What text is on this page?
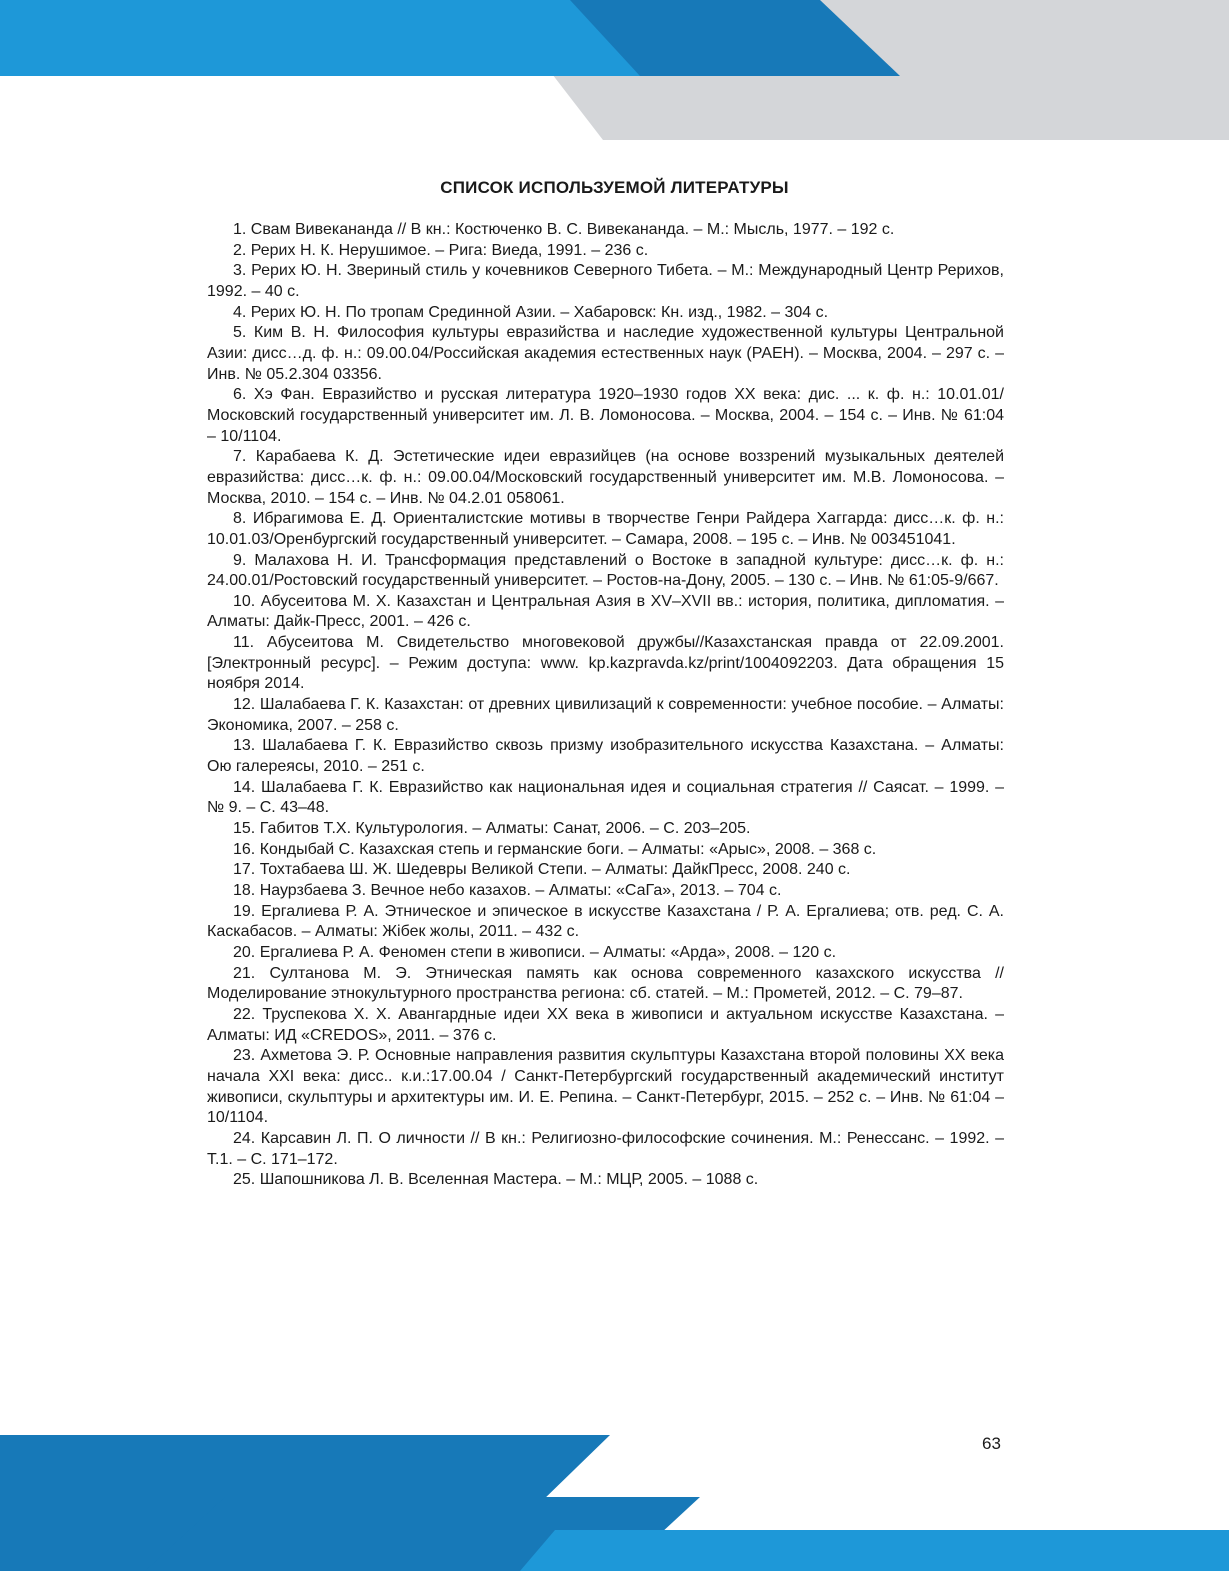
СПИСОК ИСПОЛЬЗУЕМОЙ ЛИТЕРАТУРЫ
1. Свам Вивекананда // В кн.: Костюченко В. С. Вивекананда. – М.: Мысль, 1977. – 192 с.
2. Рерих Н. К. Нерушимое. – Рига: Виеда, 1991. – 236 с.
3. Рерих Ю. Н. Звериный стиль у кочевников Северного Тибета. – М.: Международный Центр Рерихов, 1992. – 40 с.
4. Рерих Ю. Н. По тропам Срединной Азии. – Хабаровск: Кн. изд., 1982. – 304 с.
5. Ким В. Н. Философия культуры евразийства и наследие художественной культуры Центральной Азии: дисс…д. ф. н.: 09.00.04/Российская академия естественных наук (РАЕН). – Москва, 2004. – 297 с. – Инв. № 05.2.304 03356.
6. Хэ Фан. Евразийство и русская литература 1920–1930 годов XX века: дис. ... к. ф. н.: 10.01.01/Московский государственный университет им. Л. В. Ломоносова. – Москва, 2004. – 154 с. – Инв. № 61:04 – 10/1104.
7. Карабаева К. Д. Эстетические идеи евразийцев (на основе воззрений музыкальных деятелей евразийства: дисс…к. ф. н.: 09.00.04/Московский государственный университет им. М.В. Ломоносова. – Москва, 2010. – 154 с. – Инв. № 04.2.01 058061.
8. Ибрагимова Е. Д. Ориенталистские мотивы в творчестве Генри Райдера Хаггарда: дисс…к. ф. н.: 10.01.03/Оренбургский государственный университет. – Самара, 2008. – 195 с. – Инв. № 003451041.
9. Малахова Н. И. Трансформация представлений о Востоке в западной культуре: дисс…к. ф. н.: 24.00.01/Ростовский государственный университет. – Ростов-на-Дону, 2005. – 130 с. – Инв. № 61:05-9/667.
10. Абусеитова М. Х. Казахстан и Центральная Азия в XV–XVII вв.: история, политика, дипломатия. – Алматы: Дайк-Пресс, 2001. – 426 с.
11. Абусеитова М. Свидетельство многовековой дружбы//Казахстанская правда от 22.09.2001. [Электронный ресурс]. – Режим доступа: www. kp.kazpravda.kz/print/1004092203. Дата обращения 15 ноября 2014.
12. Шалабаева Г. К. Казахстан: от древних цивилизаций к современности: учебное пособие. – Алматы: Экономика, 2007. – 258 с.
13. Шалабаева Г. К. Евразийство сквозь призму изобразительного искусства Казахстана. – Алматы: Ою галереясы, 2010. – 251 с.
14. Шалабаева Г. К. Евразийство как национальная идея и социальная стратегия // Саясат. – 1999. – № 9. – С. 43–48.
15. Габитов Т.Х. Культурология. – Алматы: Санат, 2006. – С. 203–205.
16. Кондыбай С. Казахская степь и германские боги. – Алматы: «Арыс», 2008. – 368 с.
17. Тохтабаева Ш. Ж. Шедевры Великой Степи. – Алматы: ДайкПресс, 2008. 240 с.
18. Наурзбаева З. Вечное небо казахов. – Алматы: «СаГа», 2013. – 704 с.
19. Ергалиева Р. А. Этническое и эпическое в искусстве Казахстана / Р. А. Ергалиева; отв. ред. С. А. Каскабасов. – Алматы: Жiбек жолы, 2011. – 432 с.
20. Ергалиева Р. А. Феномен степи в живописи. – Алматы: «Арда», 2008. – 120 с.
21. Султанова М. Э. Этническая память как основа современного казахского искусства // Моделирование этнокультурного пространства региона: сб. статей. – М.: Прометей, 2012. – С. 79–87.
22. Труспекова Х. Х. Авангардные идеи ХХ века в живописи и актуальном искусстве Казахстана. – Алматы: ИД «CREDOS», 2011. – 376 с.
23. Ахметова Э. Р. Основные направления развития скульптуры Казахстана второй половины ХХ века начала ХХI века: дисс.. к.и.:17.00.04 / Санкт-Петербургский государственный академический институт живописи, скульптуры и архитектуры им. И. Е. Репина. – Санкт-Петербург, 2015. – 252 с. – Инв. № 61:04 – 10/1104.
24. Карсавин Л. П. О личности // В кн.: Религиозно-философские сочинения. М.: Ренессанс. – 1992. – Т.1. – С. 171–172.
25. Шапошникова Л. В. Вселенная Мастера. – М.: МЦР, 2005. – 1088 с.
63
